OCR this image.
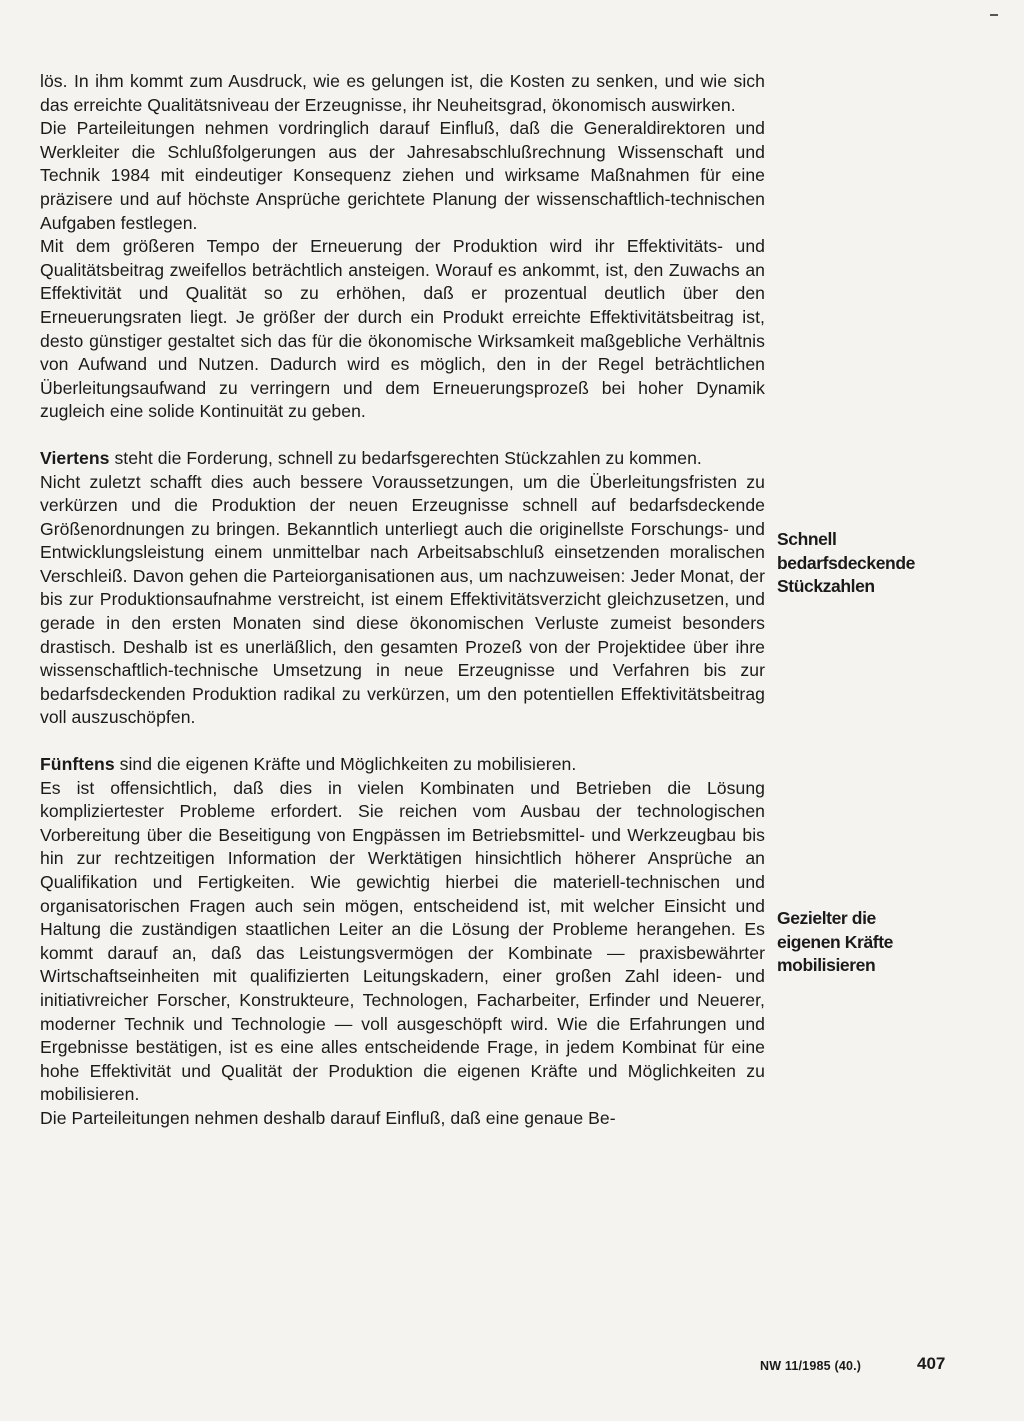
lös. In ihm kommt zum Ausdruck, wie es gelungen ist, die Kosten zu senken, und wie sich das erreichte Qualitätsniveau der Erzeugnisse, ihr Neuheitsgrad, ökonomisch auswirken.

Die Parteileitungen nehmen vordringlich darauf Einfluß, daß die Generaldirektoren und Werkleiter die Schlußfolgerungen aus der Jahresabschlußrechnung Wissenschaft und Technik 1984 mit eindeutiger Konsequenz ziehen und wirksame Maßnahmen für eine präzisere und auf höchste Ansprüche gerichtete Planung der wissenschaftlich-technischen Aufgaben festlegen.

Mit dem größeren Tempo der Erneuerung der Produktion wird ihr Effektivitäts- und Qualitätsbeitrag zweifellos beträchtlich ansteigen. Worauf es ankommt, ist, den Zuwachs an Effektivität und Qualität so zu erhöhen, daß er prozentual deutlich über den Erneuerungsraten liegt. Je größer der durch ein Produkt erreichte Effektivitätsbeitrag ist, desto günstiger gestaltet sich das für die ökonomische Wirksamkeit maßgebliche Verhältnis von Aufwand und Nutzen. Dadurch wird es möglich, den in der Regel beträchtlichen Überleitungsaufwand zu verringern und dem Erneuerungsprozeß bei hoher Dynamik zugleich eine solide Kontinuität zu geben.

Viertens steht die Forderung, schnell zu bedarfsgerechten Stückzahlen zu kommen.

Nicht zuletzt schafft dies auch bessere Voraussetzungen, um die Überleitungsfristen zu verkürzen und die Produktion der neuen Erzeugnisse schnell auf bedarfsdeckende Größenordnungen zu bringen. Bekanntlich unterliegt auch die originellste Forschungs- und Entwicklungsleistung einem unmittelbar nach Arbeitsabschluß einsetzenden moralischen Verschleiß. Davon gehen die Parteiorganisationen aus, um nachzuweisen: Jeder Monat, der bis zur Produktionsaufnahme verstreicht, ist einem Effektivitätsverzicht gleichzusetzen, und gerade in den ersten Monaten sind diese ökonomischen Verluste zumeist besonders drastisch. Deshalb ist es unerläßlich, den gesamten Prozeß von der Projektidee über ihre wissenschaftlich-technische Umsetzung in neue Erzeugnisse und Verfahren bis zur bedarfsdeckenden Produktion radikal zu verkürzen, um den potentiellen Effektivitätsbeitrag voll auszuschöpfen.

Fünftens sind die eigenen Kräfte und Möglichkeiten zu mobilisieren.

Es ist offensichtlich, daß dies in vielen Kombinaten und Betrieben die Lösung kompliziertester Probleme erfordert. Sie reichen vom Ausbau der technologischen Vorbereitung über die Beseitigung von Engpässen im Betriebsmittel- und Werkzeugbau bis hin zur rechtzeitigen Information der Werktätigen hinsichtlich höherer Ansprüche an Qualifikation und Fertigkeiten. Wie gewichtig hierbei die materiell-technischen und organisatorischen Fragen auch sein mögen, entscheidend ist, mit welcher Einsicht und Haltung die zuständigen staatlichen Leiter an die Lösung der Probleme herangehen. Es kommt darauf an, daß das Leistungsvermögen der Kombinate — praxisbewährter Wirtschaftseinheiten mit qualifizierten Leitungskadern, einer großen Zahl ideen- und initiativreicher Forscher, Konstrukteure, Technologen, Facharbeiter, Erfinder und Neuerer, moderner Technik und Technologie — voll ausgeschöpft wird. Wie die Erfahrungen und Ergebnisse bestätigen, ist es eine alles entscheidende Frage, in jedem Kombinat für eine hohe Effektivität und Qualität der Produktion die eigenen Kräfte und Möglichkeiten zu mobilisieren.

Die Parteileitungen nehmen deshalb darauf Einfluß, daß eine genaue Be-

Schnell
bedarfsdeckende
Stückzahlen
Gezielter die
eigenen Kräfte
mobilisieren
NW 11/1985 (40.)	407
